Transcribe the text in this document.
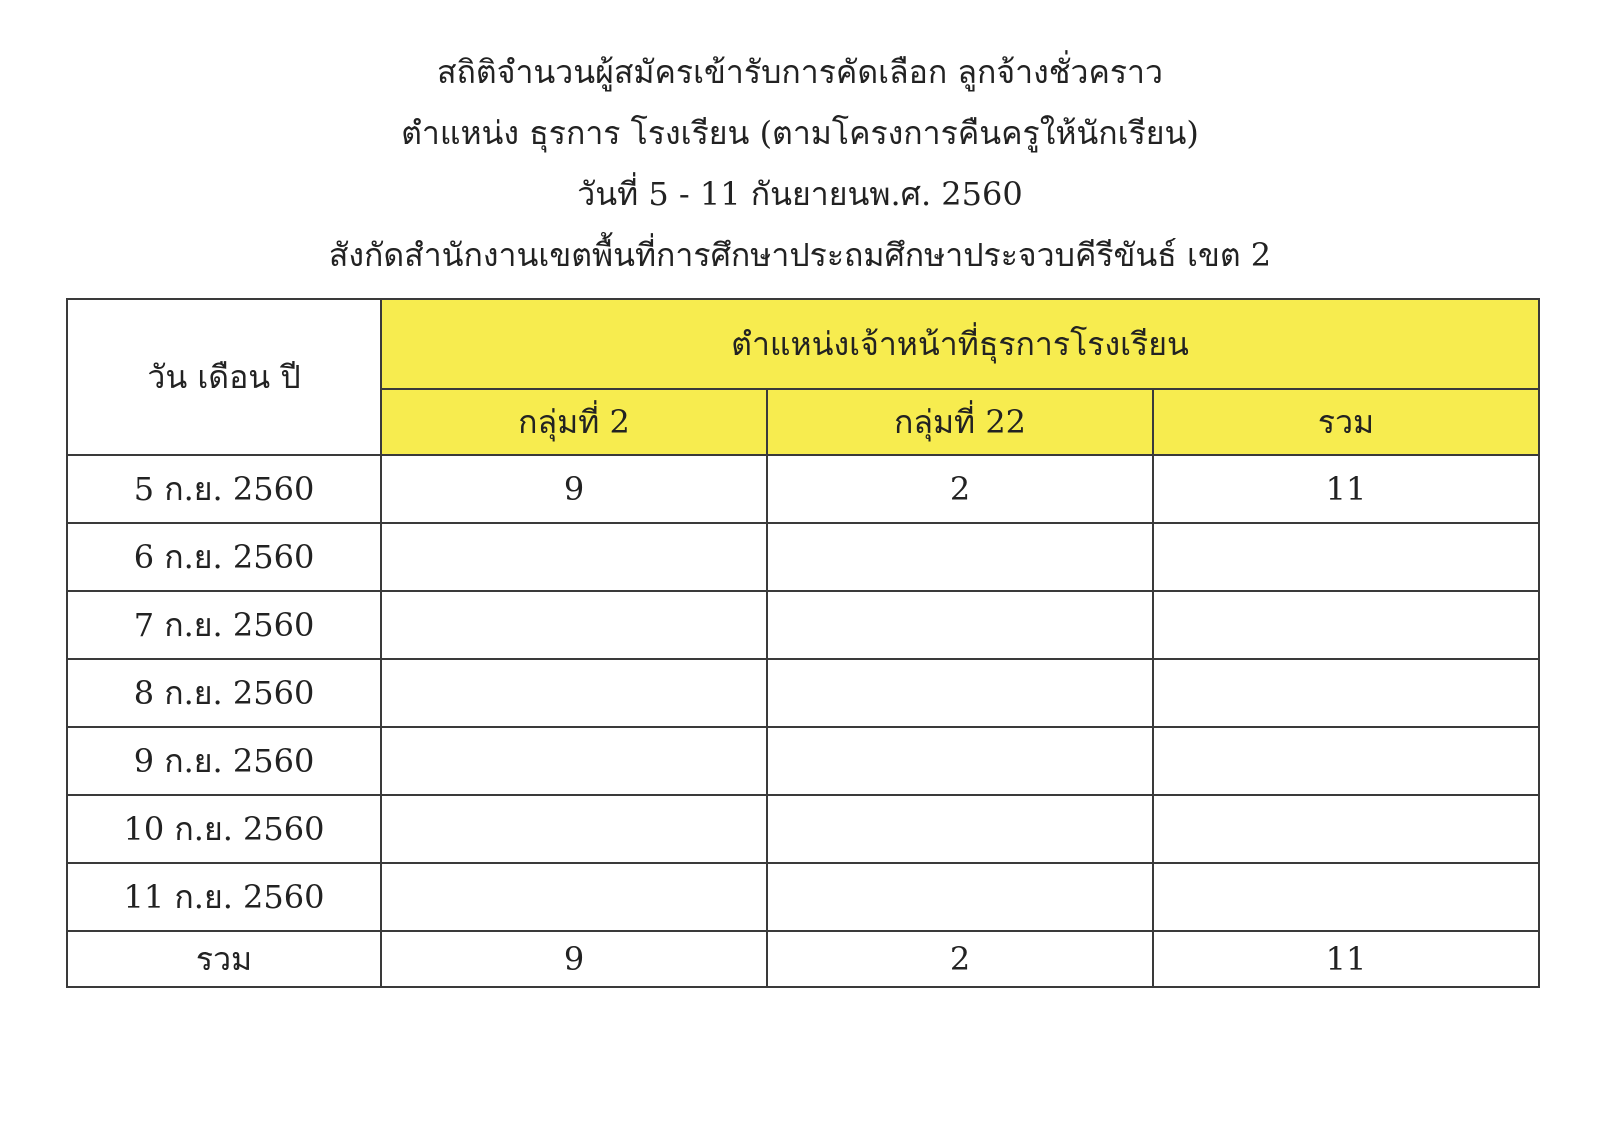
สถิติจำนวนผู้สมัครเข้ารับการคัดเลือก ลูกจ้างชั่วคราว
ตำแหน่ง ธุรการ โรงเรียน (ตามโครงการคืนครูให้นักเรียน)
วันที่ 5 - 11 กันยายนพ.ศ. 2560
สังกัดสำนักงานเขตพื้นที่การศึกษาประถมศึกษาประจวบคีรีขันธ์ เขต 2
วัน เดือน ปี	ตำแหน่งเจ้าหน้าที่ธุรการโรงเรียน		
	กลุ่มที่ 2	กลุ่มที่ 22	รวม
5 ก.ย. 2560	9	2	11
6 ก.ย. 2560			
7 ก.ย. 2560			
8 ก.ย. 2560			
9 ก.ย. 2560			
10 ก.ย. 2560			
11 ก.ย. 2560			
รวม	9	2	11
